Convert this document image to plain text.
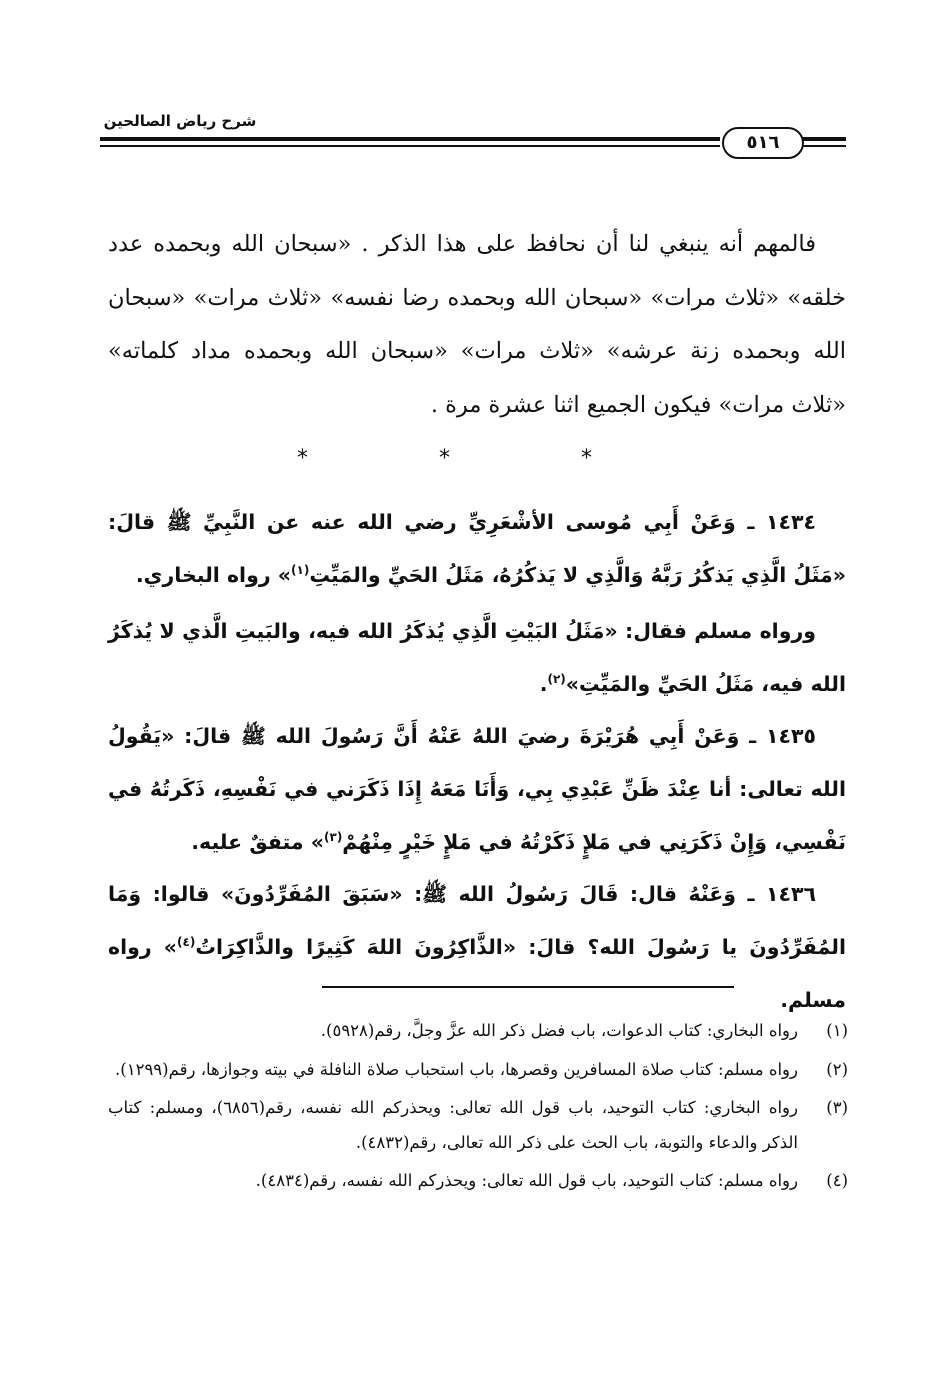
شرح رياض الصالحين
٥١٦
فالمهم أنه ينبغي لنا أن نحافظ على هذا الذكر . «سبحان الله وبحمده عدد خلقه» «ثلاث مرات» «سبحان الله وبحمده رضا نفسه» «ثلاث مرات» «سبحان الله وبحمده زنة عرشه» «ثلاث مرات» «سبحان الله وبحمده مداد كلماته» «ثلاث مرات» فيكون الجميع اثنا عشرة مرة .
* * *
١٤٣٤ ـ وَعَنْ أَبِي مُوسى الأشْعَرِيِّ رضي الله عنه عن النَّبِيِّ ﷺ قالَ: «مَثَلُ الَّذِي يَذكُرُ رَبَّهُ وَالَّذِي لا يَذكُرُهُ، مَثَلُ الحَيِّ والمَيِّتِ$^{(١)}$» رواه البخاري.
ورواه مسلم فقال: «مَثَلُ البَيْتِ الَّذِي يُذكَرُ الله فيه، والبَيتِ الَّذي لا يُذكَرُ الله فيه، مَثَلُ الحَيِّ والمَيِّتِ»$^{(٢)}$.
١٤٣٥ ـ وَعَنْ أَبِي هُرَيْرَةَ رضيَ اللهُ عَنْهُ أَنَّ رَسُولَ الله ﷺ قالَ: «يَقُولُ الله تعالى: أنا عِنْدَ ظَنِّ عَبْدِي بِي، وَأَنَا مَعَهُ إِذَا ذَكَرَني في نَفْسِهِ، ذَكَرتُهُ في نَفْسِي، وَإِنْ ذَكَرَنِي في مَلإٍ ذَكَرْتُهُ في مَلإٍ خَيْرٍ مِنْهُمْ$^{(٣)}$» متفقٌ عليه.
١٤٣٦ ـ وَعَنْهُ قال: قَالَ رَسُولُ الله ﷺ: «سَبَقَ المُفَرِّدُونَ» قالوا: وَمَا المُفَرِّدُونَ يا رَسُولَ الله؟ قالَ: «الذَّاكِرُونَ اللهَ كَثِيرًا والذَّاكِرَاتُ$^{(٤)}$» رواه مسلم.
(١)
رواه البخاري: كتاب الدعوات، باب فضل ذكر الله عزَّ وجلَّ، رقم(٥٩٢٨).
(٢)
رواه مسلم: كتاب صلاة المسافرين وقصرها، باب استحباب صلاة النافلة في بيته وجوازها، رقم(١٢٩٩).
(٣)
رواه البخاري: كتاب التوحيد، باب قول الله تعالى: ويحذركم الله نفسه، رقم(٦٨٥٦)، ومسلم: كتاب الذكر والدعاء والتوبة، باب الحث على ذكر الله تعالى، رقم(٤٨٣٢).
(٤)
رواه مسلم: كتاب التوحيد، باب قول الله تعالى: ويحذركم الله نفسه، رقم(٤٨٣٤).
